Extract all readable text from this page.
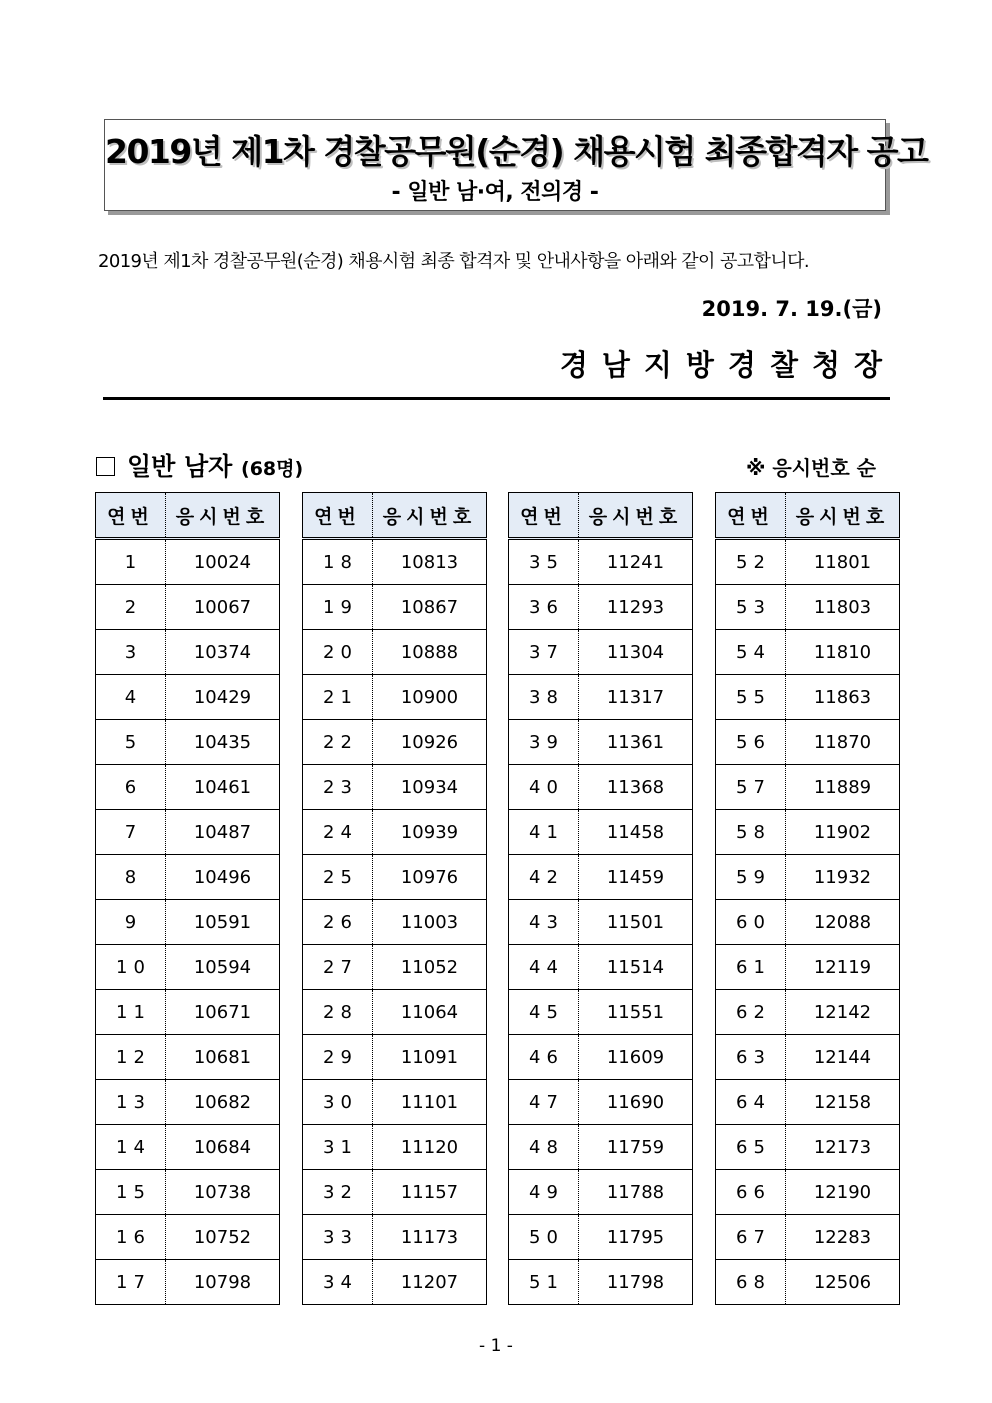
2019년 제1차 경찰공무원(순경) 채용시험 최종합격자 공고
- 일반 남·여, 전의경 -
2019년 제1차 경찰공무원(순경) 채용시험 최종 합격자 및 안내사항을 아래와 같이 공고합니다.
2019. 7. 19.(금)
경남지방경찰청장
일반 남자 (68명)	※ 응시번호 순
연번	응시번호
1	10024
2	10067
3	10374
4	10429
5	10435
6	10461
7	10487
8	10496
9	10591
10	10594
11	10671
12	10681
13	10682
14	10684
15	10738
16	10752
17	10798
연번	응시번호
18	10813
19	10867
20	10888
21	10900
22	10926
23	10934
24	10939
25	10976
26	11003
27	11052
28	11064
29	11091
30	11101
31	11120
32	11157
33	11173
34	11207
연번	응시번호
35	11241
36	11293
37	11304
38	11317
39	11361
40	11368
41	11458
42	11459
43	11501
44	11514
45	11551
46	11609
47	11690
48	11759
49	11788
50	11795
51	11798
연번	응시번호
52	11801
53	11803
54	11810
55	11863
56	11870
57	11889
58	11902
59	11932
60	12088
61	12119
62	12142
63	12144
64	12158
65	12173
66	12190
67	12283
68	12506
- 1 -
